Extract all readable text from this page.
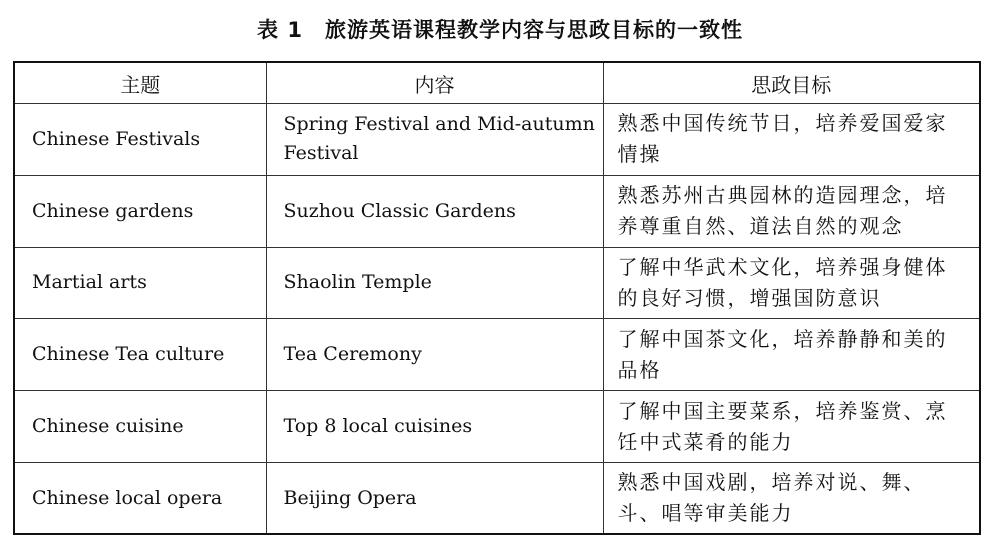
表 1 旅游英语课程教学内容与思政目标的一致性
主题	内容	思政目标
Chinese Festivals	Spring Festival and Mid-autumn Festival	熟悉中国传统节日，培养爱国爱家情操
Chinese gardens	Suzhou Classic Gardens	熟悉苏州古典园林的造园理念，培养尊重自然、道法自然的观念
Martial arts	Shaolin Temple	了解中华武术文化，培养强身健体的良好习惯，增强国防意识
Chinese Tea culture	Tea Ceremony	了解中国茶文化，培养静静和美的品格
Chinese cuisine	Top 8 local cuisines	了解中国主要菜系，培养鉴赏、烹饪中式菜肴的能力
Chinese local opera	Beijing Opera	熟悉中国戏剧，培养对说、舞、斗、唱等审美能力
